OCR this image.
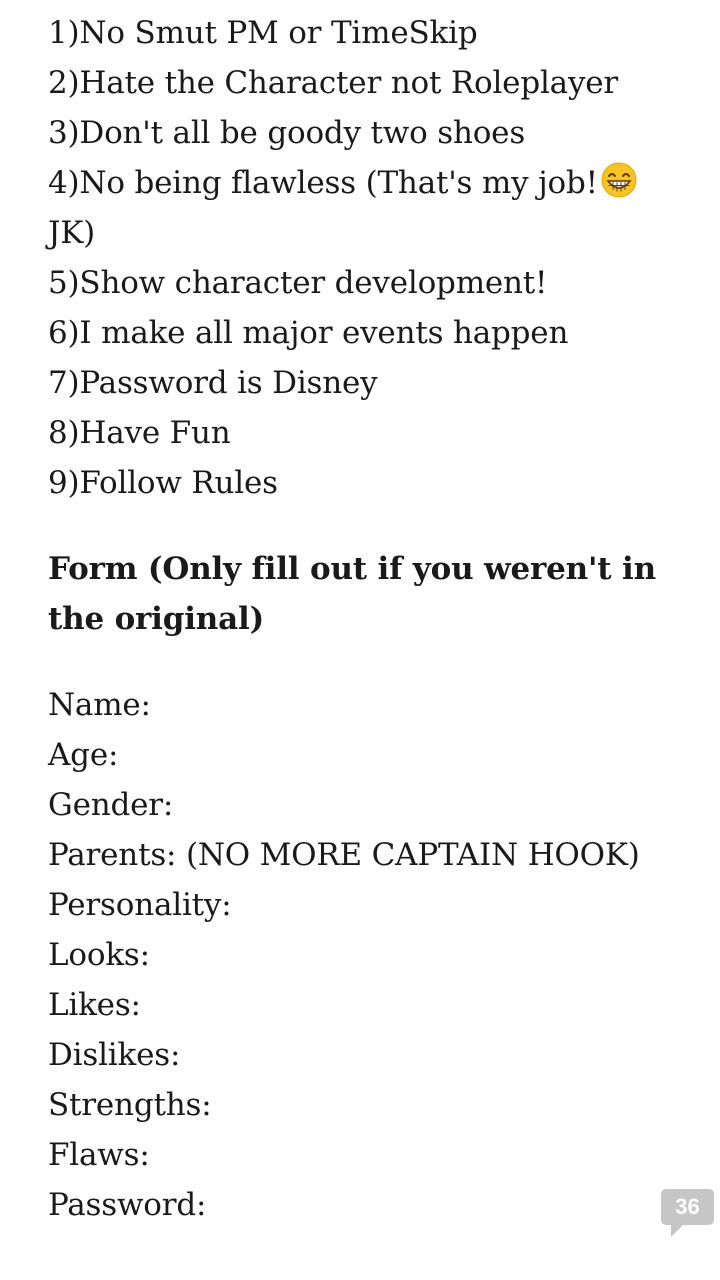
1)No Smut PM or TimeSkip
2)Hate the Character not Roleplayer
3)Don't all be goody two shoes
4)No being flawless (That's my job!
JK)
5)Show character development!
6)I make all major events happen
7)Password is Disney
8)Have Fun
9)Follow Rules
Form (Only fill out if you weren't in
the original)
Name:
Age:
Gender:
Parents: (NO MORE CAPTAIN HOOK)
Personality:
Looks:
Likes:
Dislikes:
Strengths:
Flaws:
Password:	36
